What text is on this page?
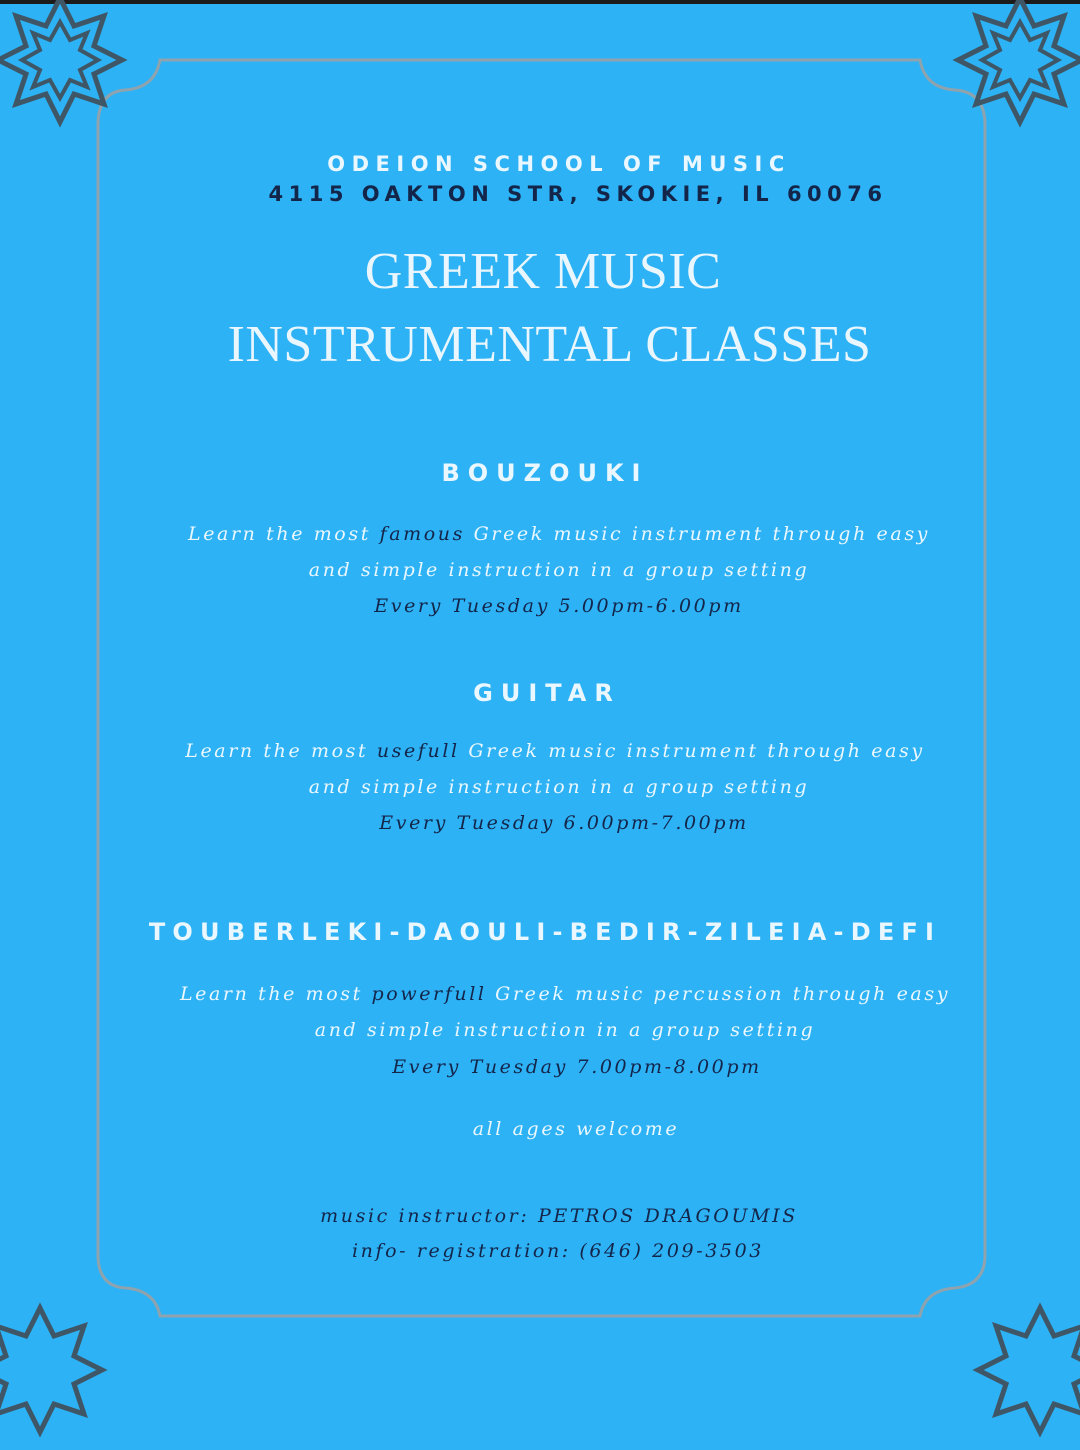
ODEION SCHOOL OF MUSIC
4115 OAKTON STR, SKOKIE, IL 60076
GREEK MUSIC
INSTRUMENTAL CLASSES
BOUZOUKI
Learn the most famous Greek music instrument through easy
and simple instruction in a group setting
Every Tuesday 5.00pm-6.00pm
GUITAR
Learn the most usefull Greek music instrument through easy
and simple instruction in a group setting
Every Tuesday 6.00pm-7.00pm
TOUBERLEKI-DAOULI-BEDIR-ZILEIA-DEFI
Learn the most powerfull Greek music percussion through easy
and simple instruction in a group setting
Every Tuesday 7.00pm-8.00pm
all ages welcome
music instructor: PETROS DRAGOUMIS
info- registration: (646) 209-3503
